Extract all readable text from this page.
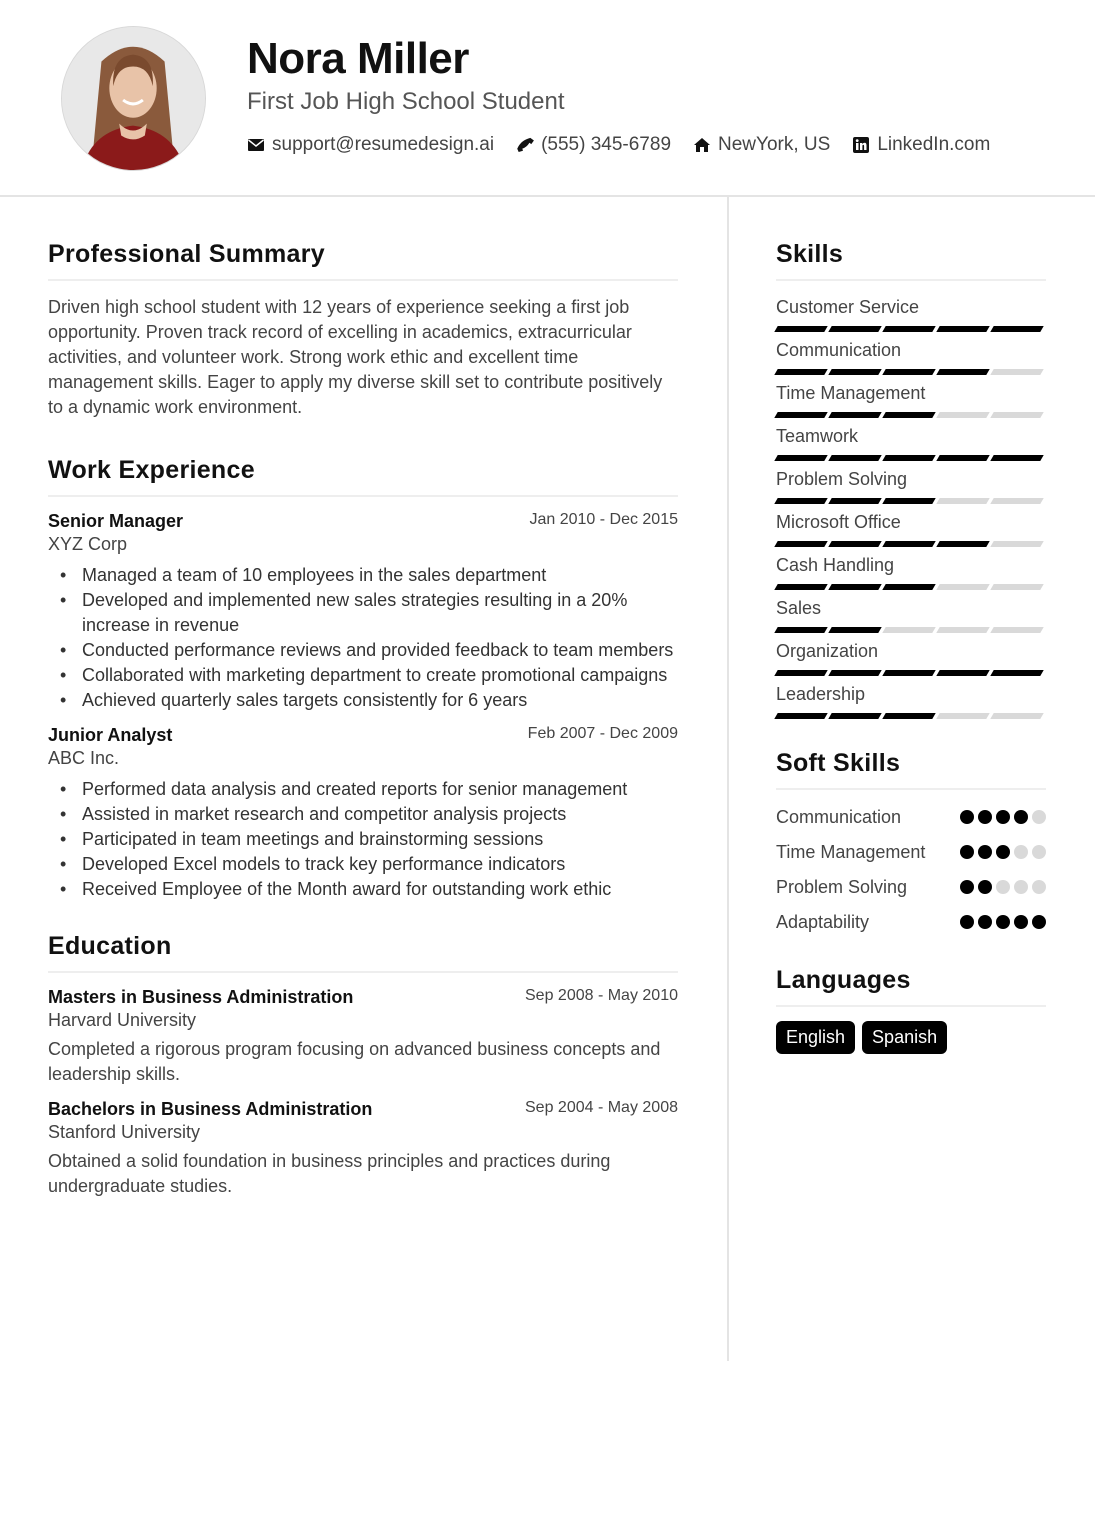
Nora Miller
First Job High School Student
support@resumedesign.ai (555) 345-6789 NewYork, US LinkedIn.com
Professional Summary

Driven high school student with 12 years of experience seeking a first job opportunity. Proven track record of excelling in academics, extracurricular activities, and volunteer work. Strong work ethic and excellent time management skills. Eager to apply my diverse skill set to contribute positively to a dynamic work environment.

Work Experience
Senior Manager	Jan 2010 - Dec 2015
XYZ Corp
• Managed a team of 10 employees in the sales department
• Developed and implemented new sales strategies resulting in a 20% increase in revenue
• Conducted performance reviews and provided feedback to team members
• Collaborated with marketing department to create promotional campaigns
• Achieved quarterly sales targets consistently for 6 years
Junior Analyst	Feb 2007 - Dec 2009
ABC Inc.
• Performed data analysis and created reports for senior management
• Assisted in market research and competitor analysis projects
• Participated in team meetings and brainstorming sessions
• Developed Excel models to track key performance indicators
• Received Employee of the Month award for outstanding work ethic
Education
Masters in Business Administration	Sep 2008 - May 2010
Harvard University

Completed a rigorous program focusing on advanced business concepts and leadership skills.

Bachelors in Business Administration	Sep 2004 - May 2008
Stanford University

Obtained a solid foundation in business principles and practices during undergraduate studies.

Skills
Customer Service
Communication
Time Management
Teamwork
Problem Solving
Microsoft Office
Cash Handling
Sales
Organization
Leadership
Soft Skills
Communication
Time Management
Problem Solving
Adaptability
Languages
English	Spanish
